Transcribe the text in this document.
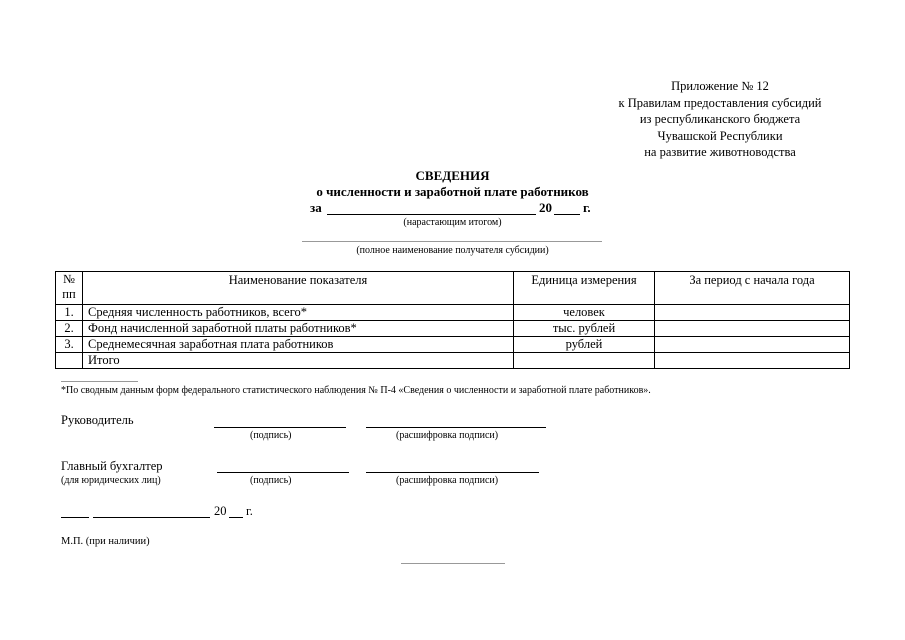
Приложение № 12
к Правилам предоставления субсидий
из республиканского бюджета
Чувашской Республики
на развитие животноводства
СВЕДЕНИЯ
о численности и заработной плате работников
за	20 г.
(нарастающим итогом)
(полное наименование получателя субсидии)
№ пп	Наименование показателя	Единица измерения	За период с начала года
1.	Средняя численность работников, всего*	человек	
2.	Фонд начисленной заработной платы работников*	тыс. рублей	
3.	Среднемесячная заработная плата работников	рублей	
	Итого		
*По сводным данным форм федерального статистического наблюдения № П-4 «Сведения о численности и заработной плате работников».
Руководитель
(подпись)	(расшифровка подписи)
Главный бухгалтер
(для юридических лиц)	(подпись)	(расшифровка подписи)
20 г.
М.П. (при наличии)
